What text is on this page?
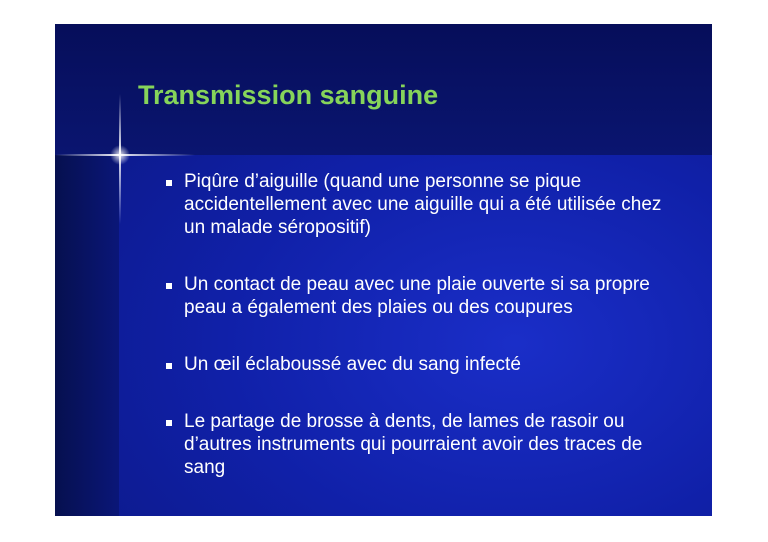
Transmission sanguine
Piqûre d’aiguille (quand une personne se pique accidentellement avec une aiguille qui a été utilisée chez un malade séropositif)
Un contact de peau avec une plaie ouverte si sa propre peau a également des plaies ou des coupures
Un œil éclaboussé avec du sang infecté
Le partage de brosse à dents, de lames de rasoir ou d’autres instruments qui pourraient avoir des traces de sang
